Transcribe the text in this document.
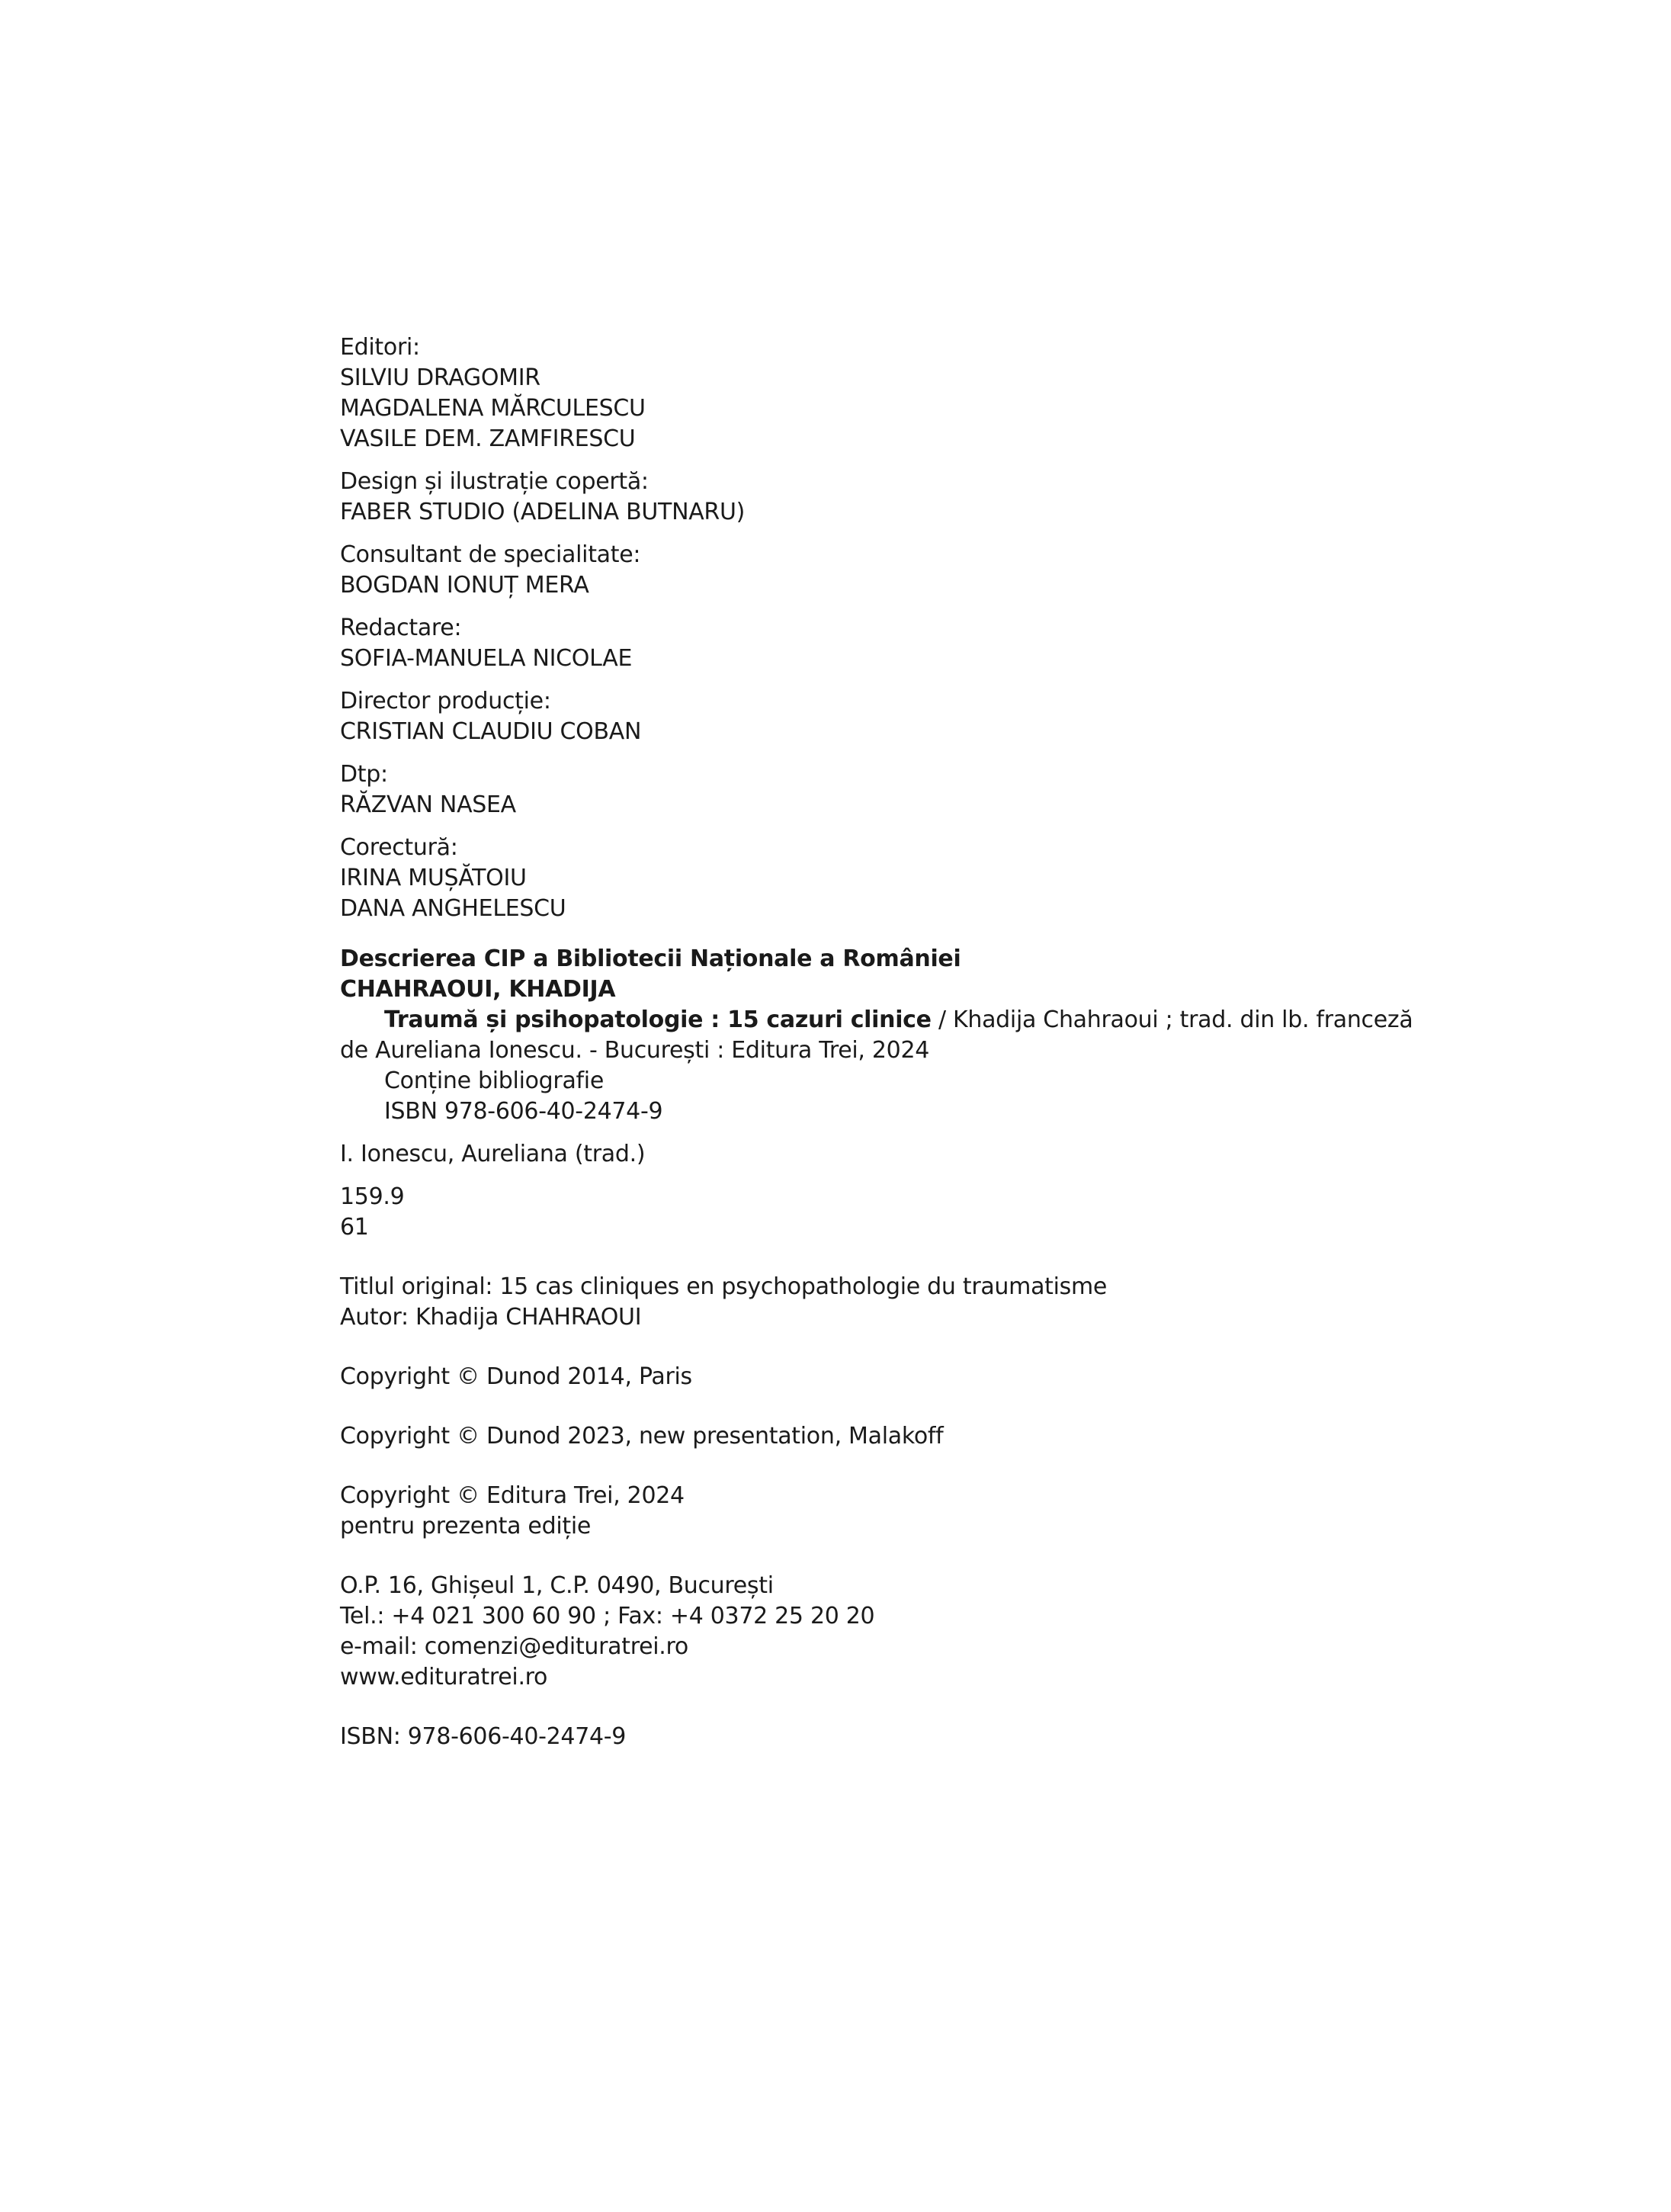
Editori:
SILVIU DRAGOMIR
MAGDALENA MĂRCULESCU
VASILE DEM. ZAMFIRESCU
Design și ilustrație copertă:
FABER STUDIO (ADELINA BUTNARU)
Consultant de specialitate:
BOGDAN IONUȚ MERA
Redactare:
SOFIA-MANUELA NICOLAE
Director producție:
CRISTIAN CLAUDIU COBAN
Dtp:
RĂZVAN NASEA
Corectură:
IRINA MUȘĂTOIU
DANA ANGHELESCU
Descrierea CIP a Bibliotecii Naționale a României
CHAHRAOUI, KHADIJA
Traumă și psihopatologie : 15 cazuri clinice / Khadija Chahraoui ; trad. din lb. franceză
de Aureliana Ionescu. - București : Editura Trei, 2024
Conține bibliografie
ISBN 978-606-40-2474-9
I. Ionescu, Aureliana (trad.)
159.9
61
Titlul original: 15 cas cliniques en psychopathologie du traumatisme
Autor: Khadija CHAHRAOUI
Copyright © Dunod 2014, Paris
Copyright © Dunod 2023, new presentation, Malakoff
Copyright © Editura Trei, 2024
pentru prezenta ediție
O.P. 16, Ghișeul 1, C.P. 0490, București
Tel.: +4 021 300 60 90 ; Fax: +4 0372 25 20 20
e-mail: comenzi@edituratrei.ro
www.edituratrei.ro
ISBN: 978-606-40-2474-9
